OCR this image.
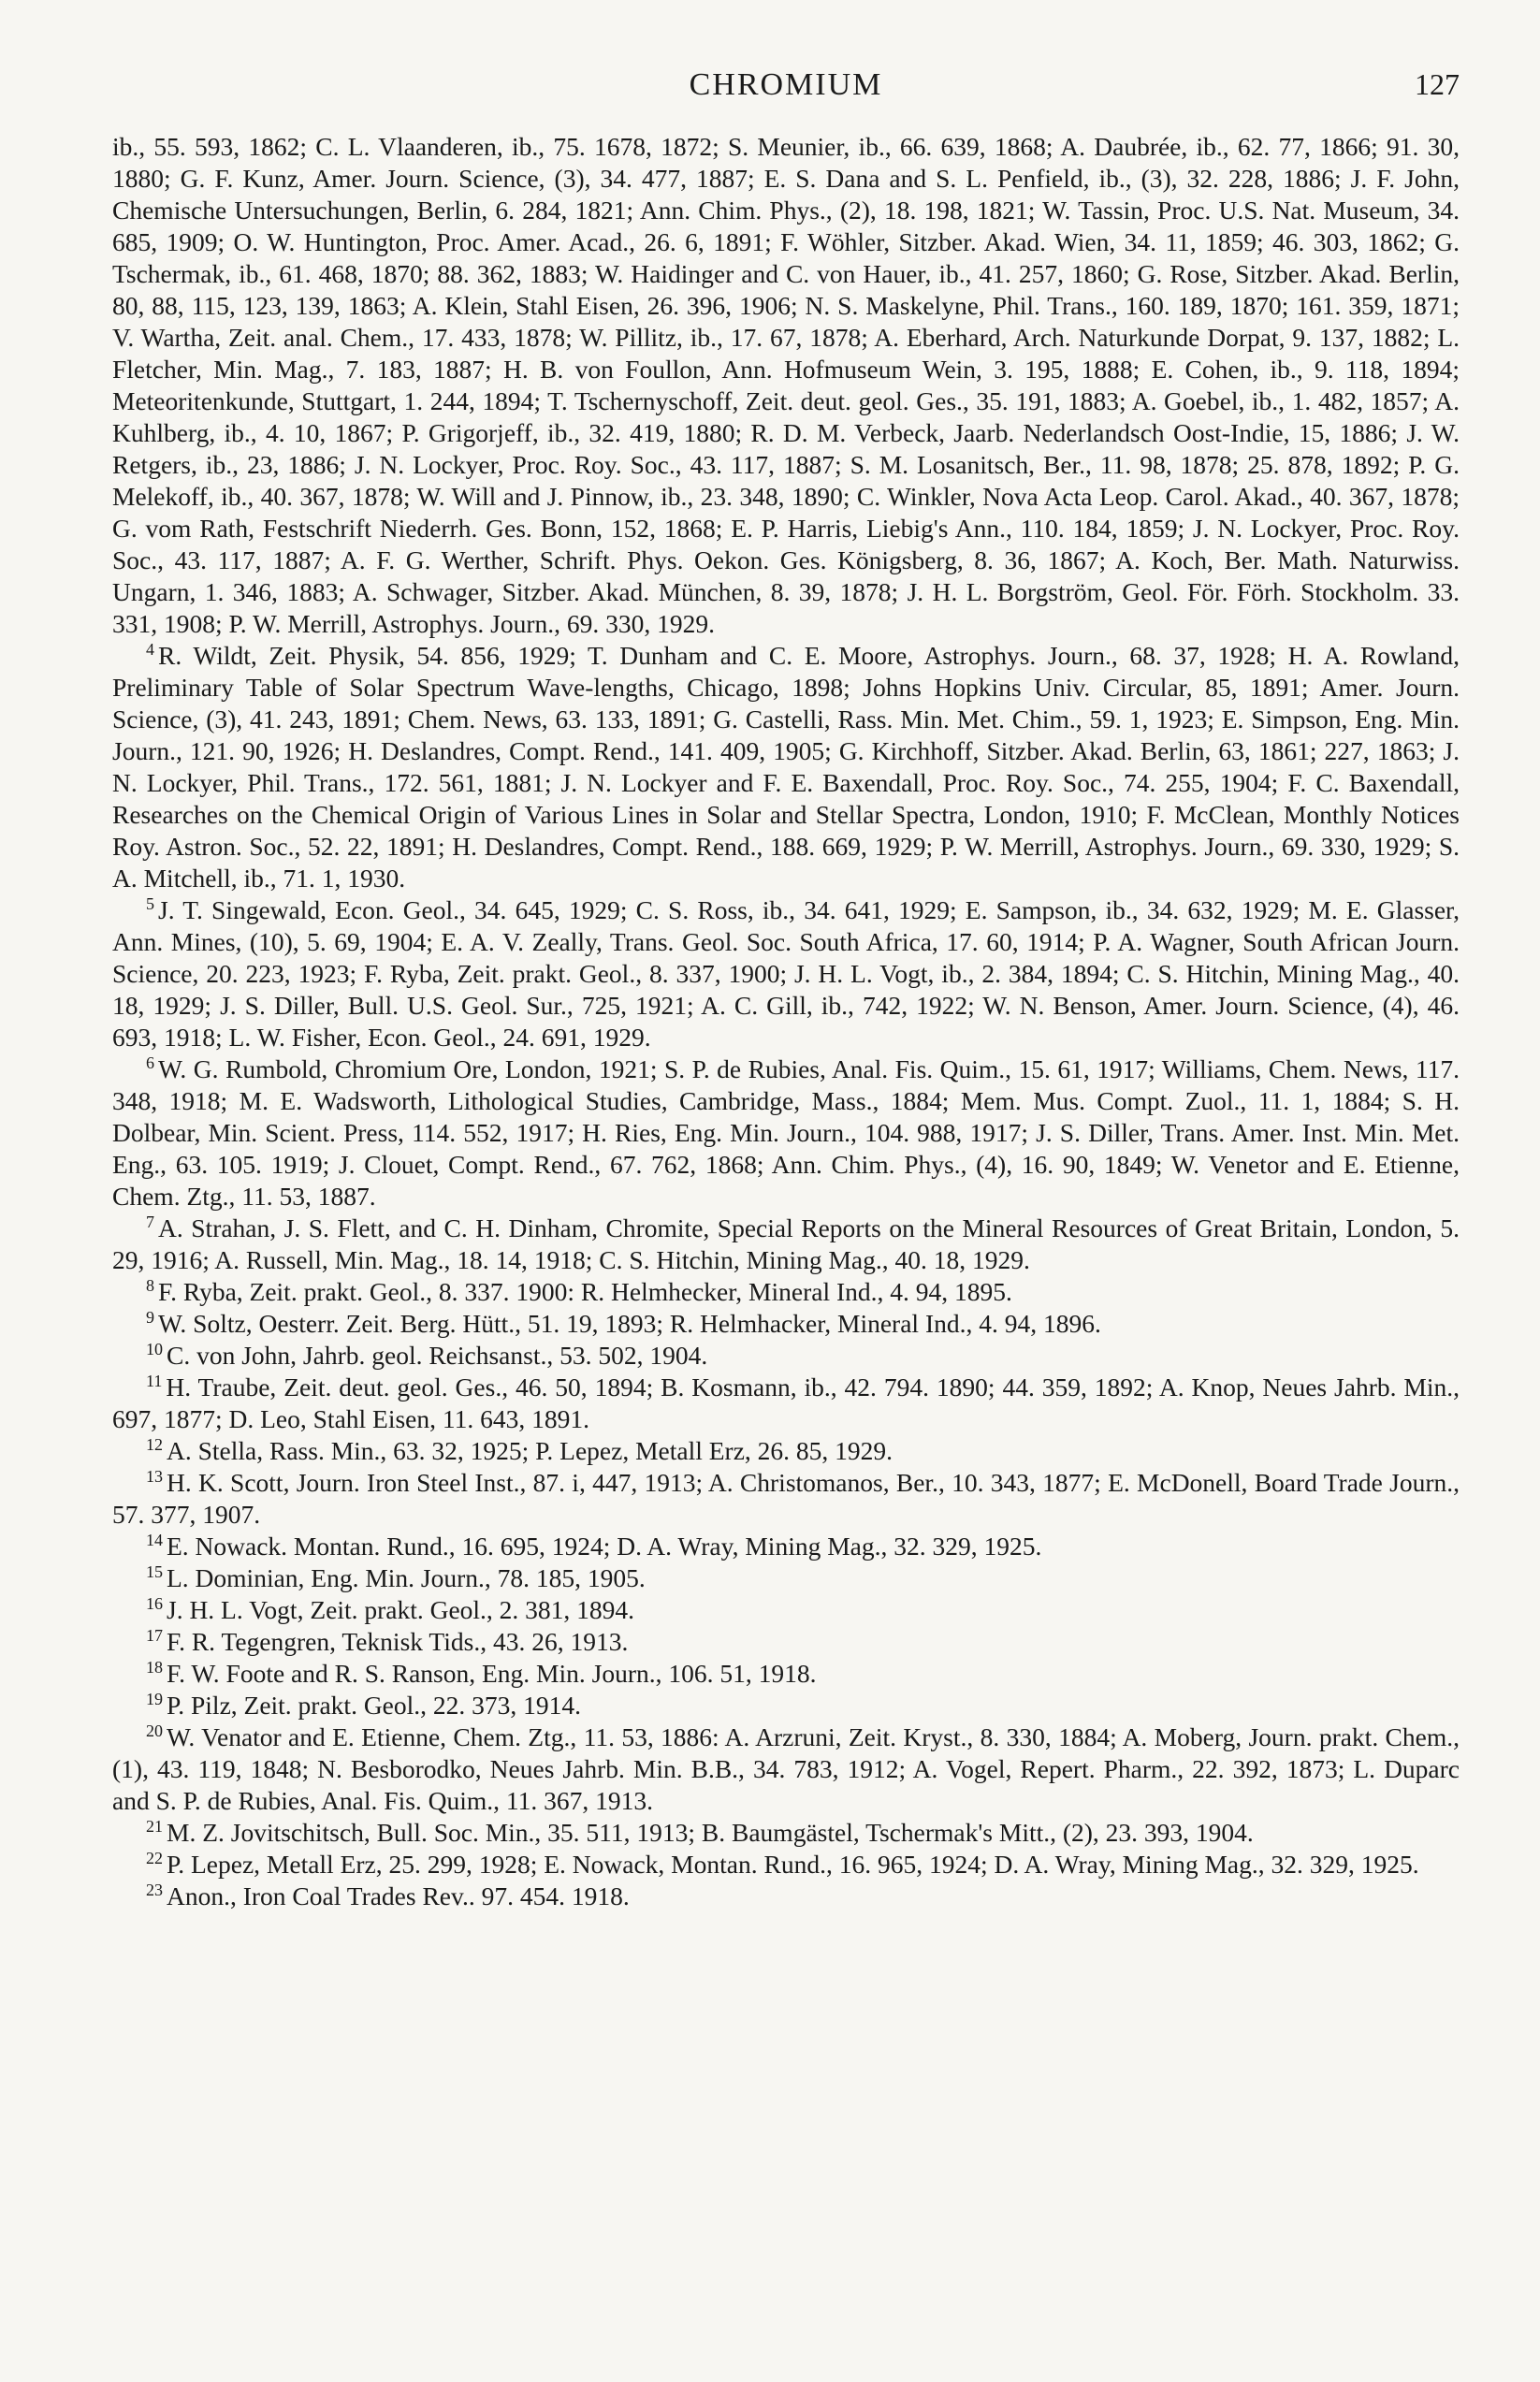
CHROMIUM	127

ib., 55. 593, 1862; C. L. Vlaanderen, ib., 75. 1678, 1872; S. Meunier, ib., 66. 639, 1868; A. Daubrée, ib., 62. 77, 1866; 91. 30, 1880; G. F. Kunz, Amer. Journ. Science, (3), 34. 477, 1887; E. S. Dana and S. L. Penfield, ib., (3), 32. 228, 1886; J. F. John, Chemische Untersuchungen, Berlin, 6. 284, 1821; Ann. Chim. Phys., (2), 18. 198, 1821; W. Tassin, Proc. U.S. Nat. Museum, 34. 685, 1909; O. W. Huntington, Proc. Amer. Acad., 26. 6, 1891; F. Wöhler, Sitzber. Akad. Wien, 34. 11, 1859; 46. 303, 1862; G. Tschermak, ib., 61. 468, 1870; 88. 362, 1883; W. Haidinger and C. von Hauer, ib., 41. 257, 1860; G. Rose, Sitzber. Akad. Berlin, 80, 88, 115, 123, 139, 1863; A. Klein, Stahl Eisen, 26. 396, 1906; N. S. Maskelyne, Phil. Trans., 160. 189, 1870; 161. 359, 1871; V. Wartha, Zeit. anal. Chem., 17. 433, 1878; W. Pillitz, ib., 17. 67, 1878; A. Eberhard, Arch. Naturkunde Dorpat, 9. 137, 1882; L. Fletcher, Min. Mag., 7. 183, 1887; H. B. von Foullon, Ann. Hofmuseum Wein, 3. 195, 1888; E. Cohen, ib., 9. 118, 1894; Meteoritenkunde, Stuttgart, 1. 244, 1894; T. Tschernyschoff, Zeit. deut. geol. Ges., 35. 191, 1883; A. Goebel, ib., 1. 482, 1857; A. Kuhlberg, ib., 4. 10, 1867; P. Grigorjeff, ib., 32. 419, 1880; R. D. M. Verbeck, Jaarb. Nederlandsch Oost-Indie, 15, 1886; J. W. Retgers, ib., 23, 1886; J. N. Lockyer, Proc. Roy. Soc., 43. 117, 1887; S. M. Losanitsch, Ber., 11. 98, 1878; 25. 878, 1892; P. G. Melekoff, ib., 40. 367, 1878; W. Will and J. Pinnow, ib., 23. 348, 1890; C. Winkler, Nova Acta Leop. Carol. Akad., 40. 367, 1878; G. vom Rath, Festschrift Niederrh. Ges. Bonn, 152, 1868; E. P. Harris, Liebig's Ann., 110. 184, 1859; J. N. Lockyer, Proc. Roy. Soc., 43. 117, 1887; A. F. G. Werther, Schrift. Phys. Oekon. Ges. Königsberg, 8. 36, 1867; A. Koch, Ber. Math. Naturwiss. Ungarn, 1. 346, 1883; A. Schwager, Sitzber. Akad. München, 8. 39, 1878; J. H. L. Borgström, Geol. För. Förh. Stockholm. 33. 331, 1908; P. W. Merrill, Astrophys. Journ., 69. 330, 1929.

$^4$ R. Wildt, Zeit. Physik, 54. 856, 1929; T. Dunham and C. E. Moore, Astrophys. Journ., 68. 37, 1928; H. A. Rowland, Preliminary Table of Solar Spectrum Wave-lengths, Chicago, 1898; Johns Hopkins Univ. Circular, 85, 1891; Amer. Journ. Science, (3), 41. 243, 1891; Chem. News, 63. 133, 1891; G. Castelli, Rass. Min. Met. Chim., 59. 1, 1923; E. Simpson, Eng. Min. Journ., 121. 90, 1926; H. Deslandres, Compt. Rend., 141. 409, 1905; G. Kirchhoff, Sitzber. Akad. Berlin, 63, 1861; 227, 1863; J. N. Lockyer, Phil. Trans., 172. 561, 1881; J. N. Lockyer and F. E. Baxendall, Proc. Roy. Soc., 74. 255, 1904; F. C. Baxendall, Researches on the Chemical Origin of Various Lines in Solar and Stellar Spectra, London, 1910; F. McClean, Monthly Notices Roy. Astron. Soc., 52. 22, 1891; H. Deslandres, Compt. Rend., 188. 669, 1929; P. W. Merrill, Astrophys. Journ., 69. 330, 1929; S. A. Mitchell, ib., 71. 1, 1930.

$^5$ J. T. Singewald, Econ. Geol., 34. 645, 1929; C. S. Ross, ib., 34. 641, 1929; E. Sampson, ib., 34. 632, 1929; M. E. Glasser, Ann. Mines, (10), 5. 69, 1904; E. A. V. Zeally, Trans. Geol. Soc. South Africa, 17. 60, 1914; P. A. Wagner, South African Journ. Science, 20. 223, 1923; F. Ryba, Zeit. prakt. Geol., 8. 337, 1900; J. H. L. Vogt, ib., 2. 384, 1894; C. S. Hitchin, Mining Mag., 40. 18, 1929; J. S. Diller, Bull. U.S. Geol. Sur., 725, 1921; A. C. Gill, ib., 742, 1922; W. N. Benson, Amer. Journ. Science, (4), 46. 693, 1918; L. W. Fisher, Econ. Geol., 24. 691, 1929.

$^6$ W. G. Rumbold, Chromium Ore, London, 1921; S. P. de Rubies, Anal. Fis. Quim., 15. 61, 1917; Williams, Chem. News, 117. 348, 1918; M. E. Wadsworth, Lithological Studies, Cambridge, Mass., 1884; Mem. Mus. Compt. Zuol., 11. 1, 1884; S. H. Dolbear, Min. Scient. Press, 114. 552, 1917; H. Ries, Eng. Min. Journ., 104. 988, 1917; J. S. Diller, Trans. Amer. Inst. Min. Met. Eng., 63. 105. 1919; J. Clouet, Compt. Rend., 67. 762, 1868; Ann. Chim. Phys., (4), 16. 90, 1849; W. Venetor and E. Etienne, Chem. Ztg., 11. 53, 1887.

$^7$ A. Strahan, J. S. Flett, and C. H. Dinham, Chromite, Special Reports on the Mineral Resources of Great Britain, London, 5. 29, 1916; A. Russell, Min. Mag., 18. 14, 1918; C. S. Hitchin, Mining Mag., 40. 18, 1929.

$^8$ F. Ryba, Zeit. prakt. Geol., 8. 337. 1900: R. Helmhecker, Mineral Ind., 4. 94, 1895.

$^9$ W. Soltz, Oesterr. Zeit. Berg. Hütt., 51. 19, 1893; R. Helmhacker, Mineral Ind., 4. 94, 1896.

$^{10}$ C. von John, Jahrb. geol. Reichsanst., 53. 502, 1904.

$^{11}$ H. Traube, Zeit. deut. geol. Ges., 46. 50, 1894; B. Kosmann, ib., 42. 794. 1890; 44. 359, 1892; A. Knop, Neues Jahrb. Min., 697, 1877; D. Leo, Stahl Eisen, 11. 643, 1891.

$^{12}$ A. Stella, Rass. Min., 63. 32, 1925; P. Lepez, Metall Erz, 26. 85, 1929.

$^{13}$ H. K. Scott, Journ. Iron Steel Inst., 87. i, 447, 1913; A. Christomanos, Ber., 10. 343, 1877; E. McDonell, Board Trade Journ., 57. 377, 1907.

$^{14}$ E. Nowack. Montan. Rund., 16. 695, 1924; D. A. Wray, Mining Mag., 32. 329, 1925.

$^{15}$ L. Dominian, Eng. Min. Journ., 78. 185, 1905.

$^{16}$ J. H. L. Vogt, Zeit. prakt. Geol., 2. 381, 1894.

$^{17}$ F. R. Tegengren, Teknisk Tids., 43. 26, 1913.

$^{18}$ F. W. Foote and R. S. Ranson, Eng. Min. Journ., 106. 51, 1918.

$^{19}$ P. Pilz, Zeit. prakt. Geol., 22. 373, 1914.

$^{20}$ W. Venator and E. Etienne, Chem. Ztg., 11. 53, 1886: A. Arzruni, Zeit. Kryst., 8. 330, 1884; A. Moberg, Journ. prakt. Chem., (1), 43. 119, 1848; N. Besborodko, Neues Jahrb. Min. B.B., 34. 783, 1912; A. Vogel, Repert. Pharm., 22. 392, 1873; L. Duparc and S. P. de Rubies, Anal. Fis. Quim., 11. 367, 1913.

$^{21}$ M. Z. Jovitschitsch, Bull. Soc. Min., 35. 511, 1913; B. Baumgästel, Tschermak's Mitt., (2), 23. 393, 1904.

$^{22}$ P. Lepez, Metall Erz, 25. 299, 1928; E. Nowack, Montan. Rund., 16. 965, 1924; D. A. Wray, Mining Mag., 32. 329, 1925.

$^{23}$ Anon., Iron Coal Trades Rev.. 97. 454. 1918.
